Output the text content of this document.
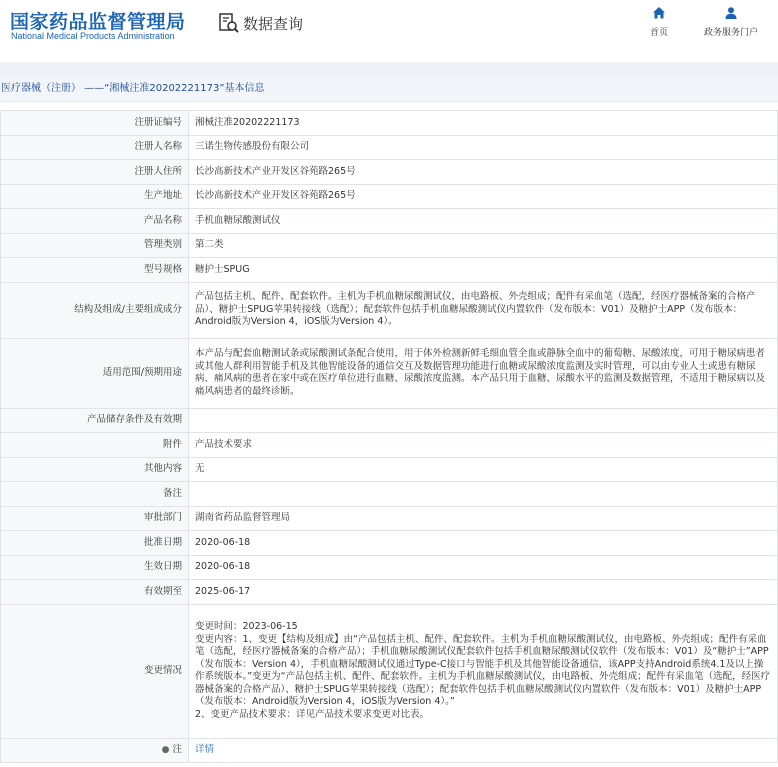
国家药品监督管理局
National Medical Products Administration
数据查询
首页	政务服务门户
医疗器械（注册） ——“湘械注准20202221173”基本信息
注册证编号	湘械注准20202221173
注册人名称	三诺生物传感股份有限公司
注册人住所	长沙高新技术产业开发区谷苑路265号
生产地址	长沙高新技术产业开发区谷苑路265号
产品名称	手机血糖尿酸测试仪
管理类别	第二类
型号规格	糖护士SPUG
结构及组成/主要组成成分	产品包括主机、配件、配套软件。主机为手机血糖尿酸测试仪，由电路板、外壳组成；配件有采血笔（选配，经医疗器械备案的合格产品）、糖护士SPUG苹果转接线（选配）；配套软件包括手机血糖尿酸测试仪内置软件（发布版本：V01）及糖护士APP（发布版本：Android版为Version 4，iOS版为Version 4）。
适用范围/预期用途	本产品与配套血糖测试条或尿酸测试条配合使用，用于体外检测新鲜毛细血管全血或静脉全血中的葡萄糖、尿酸浓度，可用于糖尿病患者或其他人群利用智能手机及其他智能设备的通信交互及数据管理功能进行血糖或尿酸浓度监测及实时管理，可以由专业人士或患有糖尿病、痛风病的患者在家中或在医疗单位进行血糖、尿酸浓度监测。本产品只用于血糖、尿酸水平的监测及数据管理，不适用于糖尿病以及痛风病患者的最终诊断。
产品储存条件及有效期	
附件	产品技术要求
其他内容	无
备注	
审批部门	湖南省药品监督管理局
批准日期	2020-06-18
生效日期	2020-06-18
有效期至	2025-06-17
变更情况	变更时间：2023-06-15
变更内容：1、变更【结构及组成】由“产品包括主机、配件、配套软件。主机为手机血糖尿酸测试仪，由电路板、外壳组成；配件有采血笔（选配，经医疗器械备案的合格产品）；手机血糖尿酸测试仪配套软件包括手机血糖尿酸测试仪软件（发布版本：V01）及“糖护士”APP（发布版本：Version 4），手机血糖尿酸测试仪通过Type-C接口与智能手机及其他智能设备通信，该APP支持Android系统4.1及以上操作系统版本。”变更为“产品包括主机、配件、配套软件。主机为手机血糖尿酸测试仪，由电路板、外壳组成；配件有采血笔（选配，经医疗器械备案的合格产品）、糖护士SPUG苹果转接线（选配）；配套软件包括手机血糖尿酸测试仪内置软件（发布版本：V01）及糖护士APP（发布版本：Android版为Version 4，iOS版为Version 4）。”
2、变更产品技术要求：详见产品技术要求变更对比表。

● 注	详情
